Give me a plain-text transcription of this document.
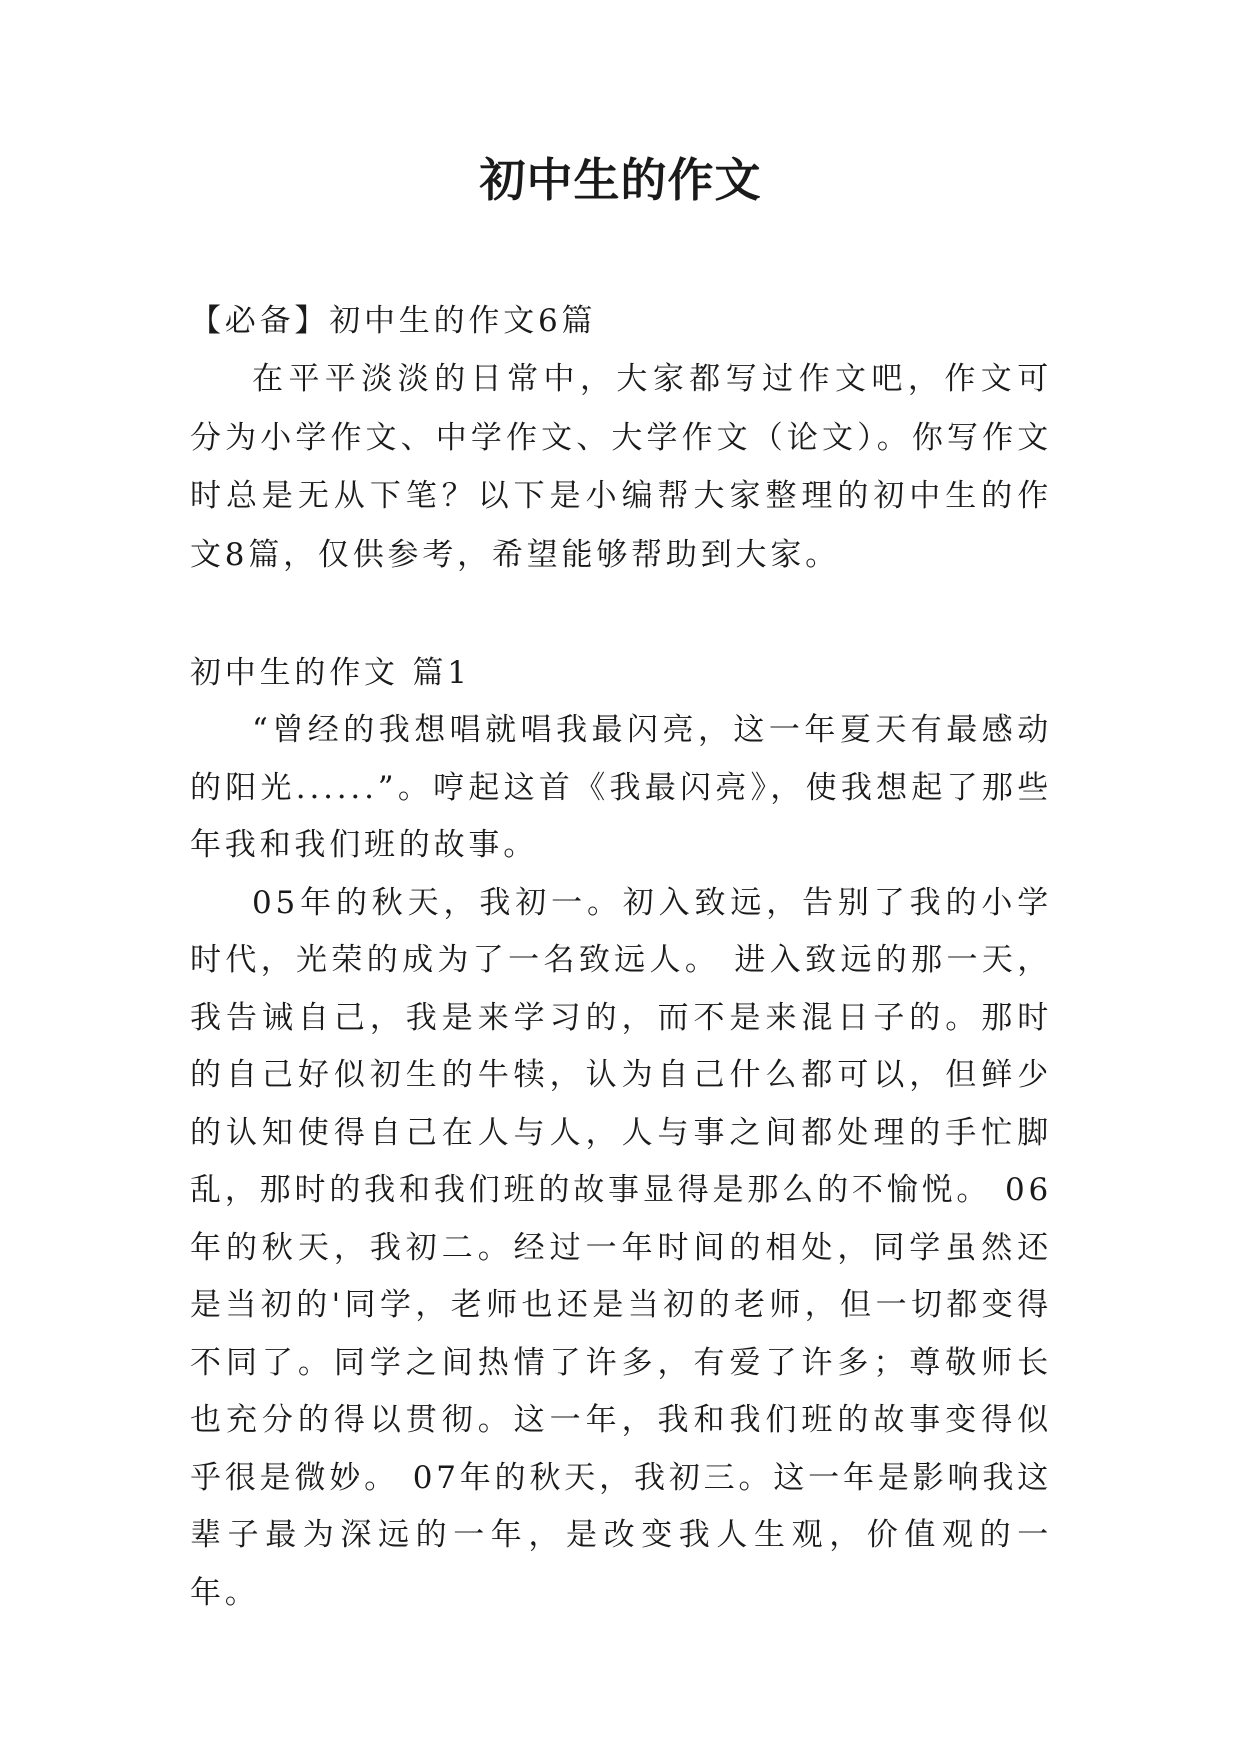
初中生的作文

【必备】初中生的作文6篇

在平平淡淡的日常中，大家都写过作文吧，作文可分为小学作文、中学作文、大学作文（论文）。你写作文时总是无从下笔？以下是小编帮大家整理的初中生的作文8篇，仅供参考，希望能够帮助到大家。

初中生的作文 篇1

“曾经的我想唱就唱我最闪亮，这一年夏天有最感动的阳光......”。哼起这首《我最闪亮》，使我想起了那些年我和我们班的故事。

05年的秋天，我初一。初入致远，告别了我的小学时代，光荣的成为了一名致远人。 进入致远的那一天，我告诫自己，我是来学习的，而不是来混日子的。那时的自己好似初生的牛犊，认为自己什么都可以，但鲜少的认知使得自己在人与人，人与事之间都处理的手忙脚乱，那时的我和我们班的故事显得是那么的不愉悦。 06年的秋天，我初二。经过一年时间的相处，同学虽然还是当初的'同学，老师也还是当初的老师，但一切都变得不同了。同学之间热情了许多，有爱了许多；尊敬师长也充分的得以贯彻。这一年，我和我们班的故事变得似乎很是微妙。 07年的秋天，我初三。这一年是影响我这辈子最为深远的一年，是改变我人生观，价值观的一年。
